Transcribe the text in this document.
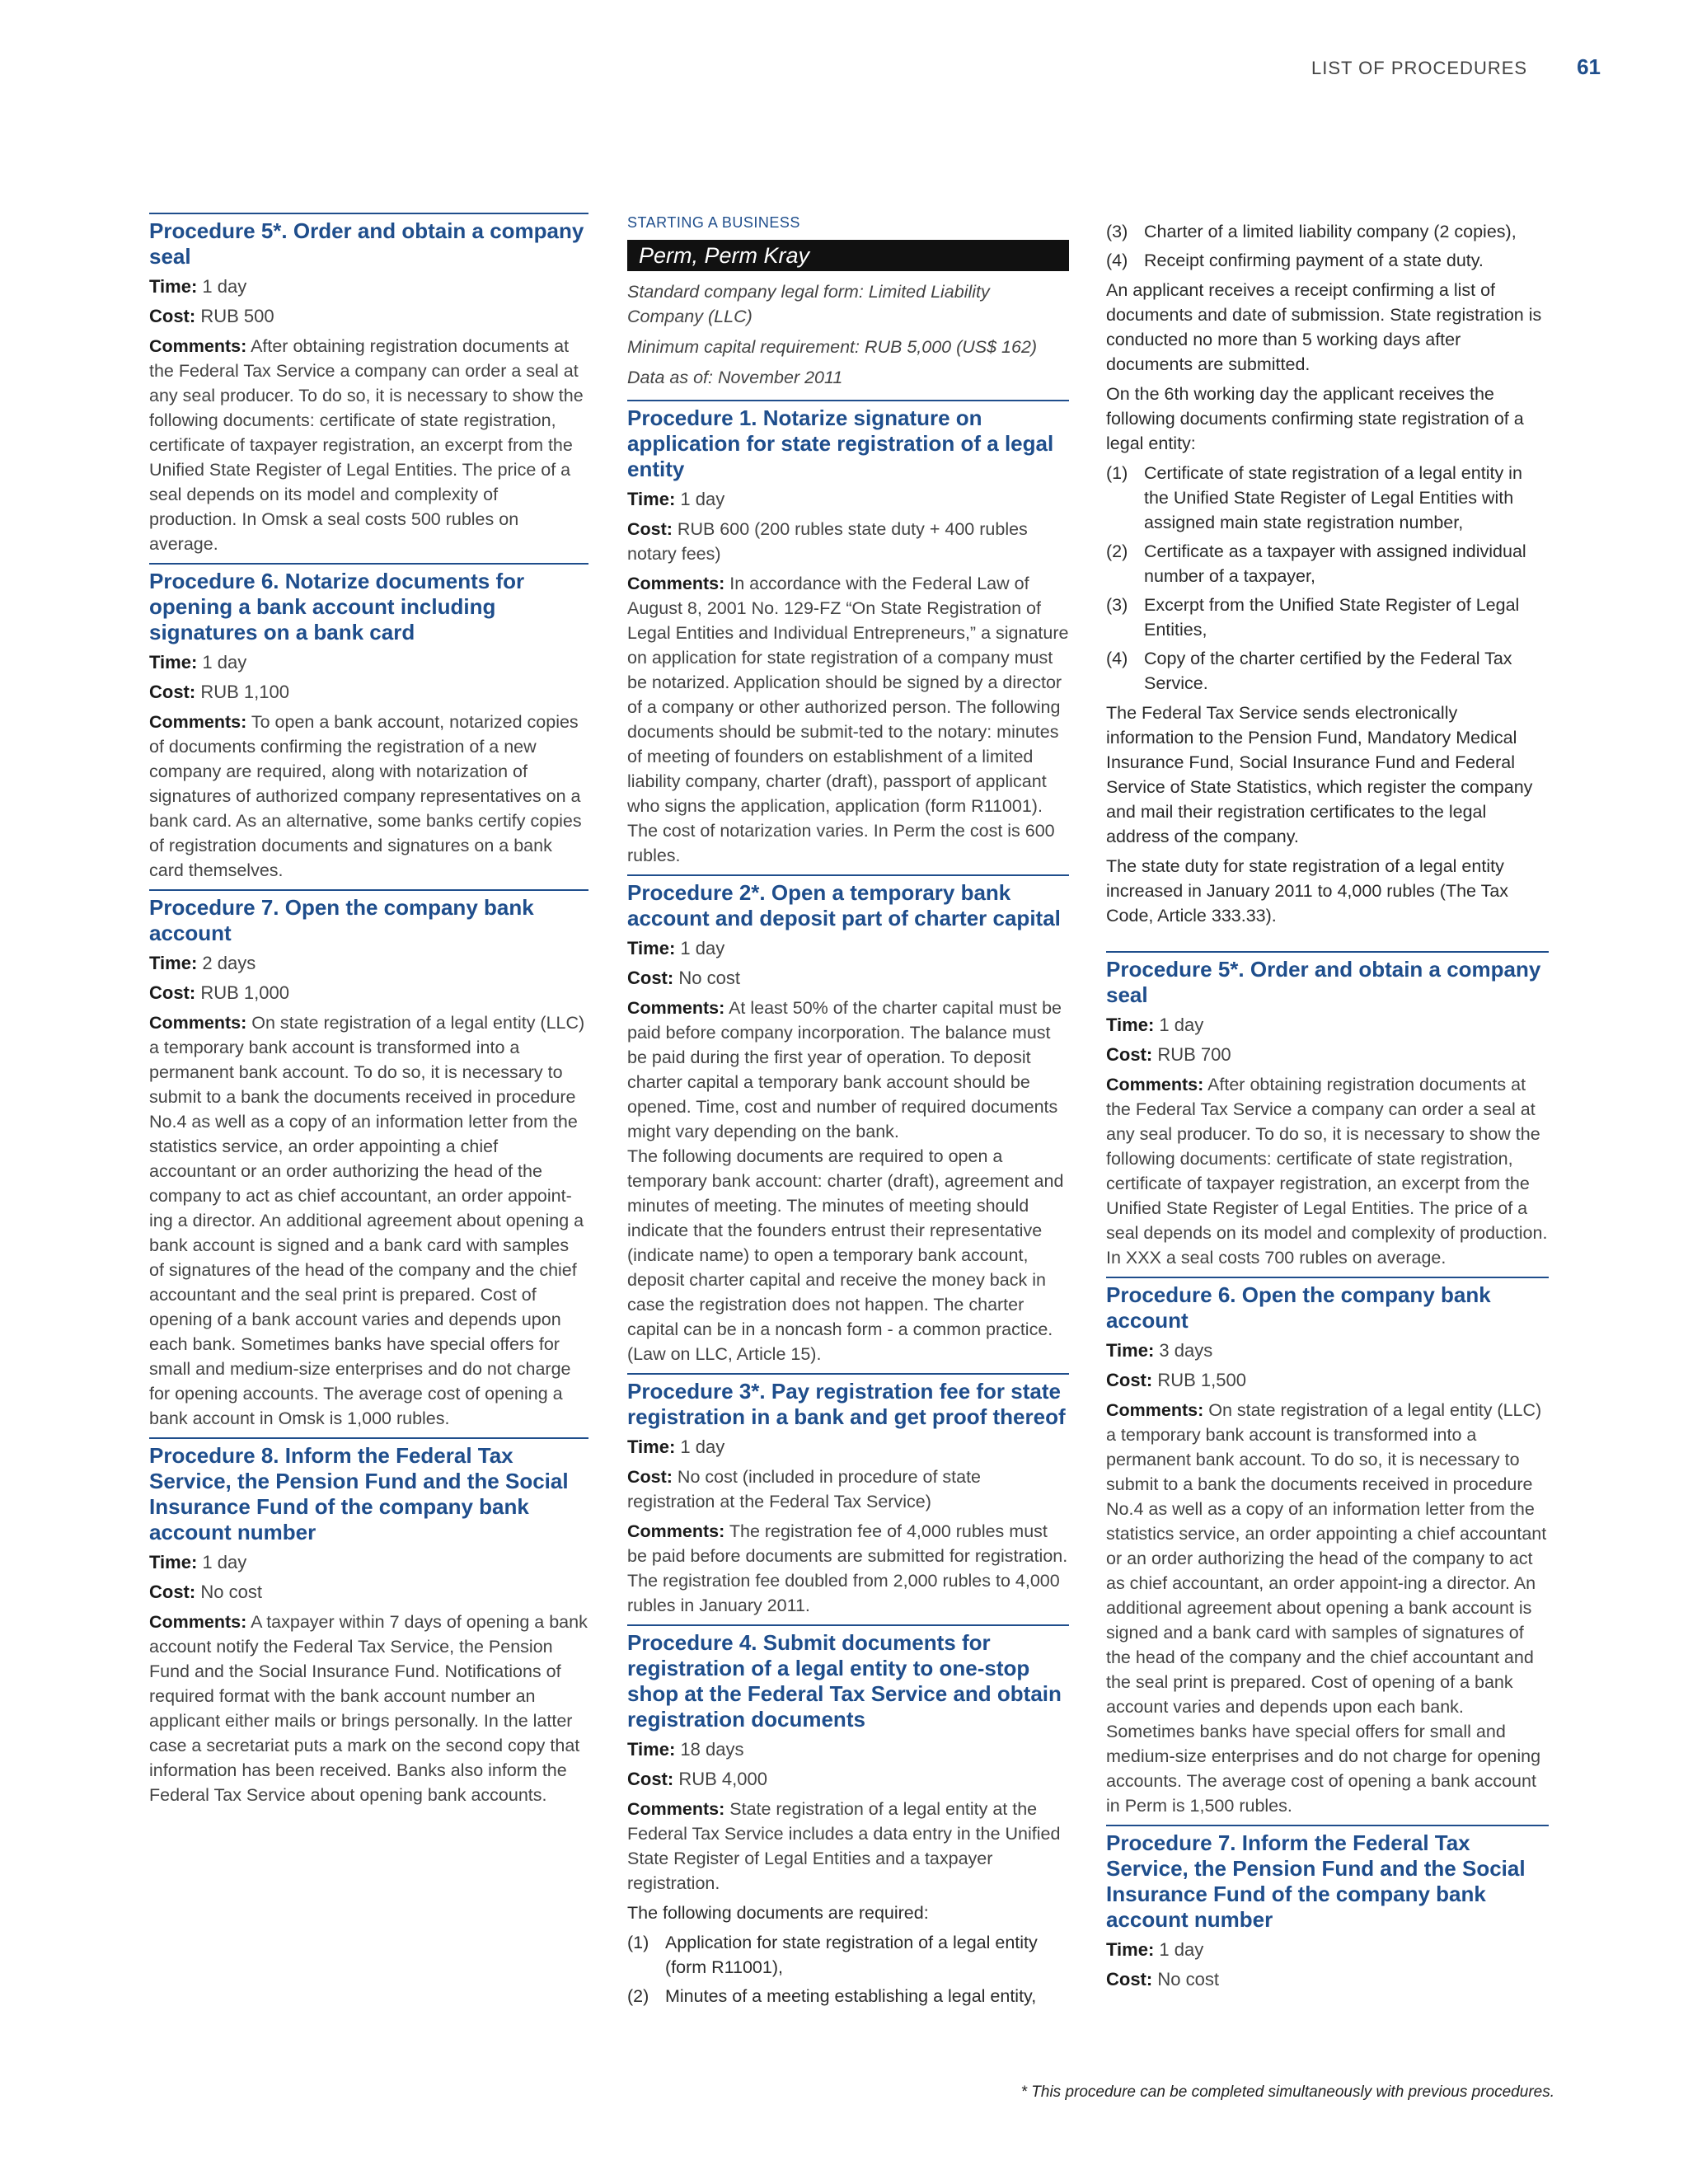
LIST OF PROCEDURES 61
Procedure 5*. Order and obtain a company seal
Time: 1 day
Cost: RUB 500
Comments: After obtaining registration documents at the Federal Tax Service a company can order a seal at any seal producer. To do so, it is necessary to show the following documents: certificate of state registration, certificate of taxpayer registration, an excerpt from the Unified State Register of Legal Entities. The price of a seal depends on its model and complexity of production. In Omsk a seal costs 500 rubles on average.
Procedure 6. Notarize documents for opening a bank account including signatures on a bank card
Time: 1 day
Cost: RUB 1,100
Comments: To open a bank account, notarized copies of documents confirming the registration of a new company are required, along with notarization of signatures of authorized company representatives on a bank card. As an alternative, some banks certify copies of registration documents and signatures on a bank card themselves.
Procedure 7. Open the company bank account
Time: 2 days
Cost: RUB 1,000
Comments: On state registration of a legal entity (LLC) a temporary bank account is transformed into a permanent bank account. To do so, it is necessary to submit to a bank the documents received in procedure No.4 as well as a copy of an information letter from the statistics service, an order appointing a chief accountant or an order authorizing the head of the company to act as chief accountant, an order appoint-ing a director. An additional agreement about opening a bank account is signed and a bank card with samples of signatures of the head of the company and the chief accountant and the seal print is prepared. Cost of opening of a bank account varies and depends upon each bank. Sometimes banks have special offers for small and medium-size enterprises and do not charge for opening accounts. The average cost of opening a bank account in Omsk is 1,000 rubles.
Procedure 8. Inform the Federal Tax Service, the Pension Fund and the Social Insurance Fund of the company bank account number
Time: 1 day
Cost: No cost
Comments: A taxpayer within 7 days of opening a bank account notify the Federal Tax Service, the Pension Fund and the Social Insurance Fund. Notifications of required format with the bank account number an applicant either mails or brings personally. In the latter case a secretariat puts a mark on the second copy that information has been received. Banks also inform the Federal Tax Service about opening bank accounts.
STARTING A BUSINESS
Perm, Perm Kray
Standard company legal form: Limited Liability Company (LLC)
Minimum capital requirement: RUB 5,000 (US$ 162)
Data as of: November 2011
Procedure 1. Notarize signature on application for state registration of a legal entity
Time: 1 day
Cost: RUB 600 (200 rubles state duty + 400 rubles notary fees)
Comments: In accordance with the Federal Law of August 8, 2001 No. 129-FZ “On State Registration of Legal Entities and Individual Entrepreneurs,” a signature on application for state registration of a company must be notarized. Application should be signed by a director of a company or other authorized person. The following documents should be submit-ted to the notary: minutes of meeting of founders on establishment of a limited liability company, charter (draft), passport of applicant who signs the application, application (form R11001). The cost of notarization varies. In Perm the cost is 600 rubles.
Procedure 2*. Open a temporary bank account and deposit part of charter capital
Time: 1 day
Cost: No cost
Comments: At least 50% of the charter capital must be paid before company incorporation. The balance must be paid during the first year of operation. To deposit charter capital a temporary bank account should be opened. Time, cost and number of required documents might vary depending on the bank.
The following documents are required to open a temporary bank account: charter (draft), agreement and minutes of meeting. The minutes of meeting should indicate that the founders entrust their representative (indicate name) to open a temporary bank account, deposit charter capital and receive the money back in case the registration does not happen. The charter capital can be in a noncash form - a common practice. (Law on LLC, Article 15).
Procedure 3*. Pay registration fee for state registration in a bank and get proof thereof
Time: 1 day
Cost: No cost (included in procedure of state registration at the Federal Tax Service)
Comments: The registration fee of 4,000 rubles must be paid before documents are submitted for registration. The registration fee doubled from 2,000 rubles to 4,000 rubles in January 2011.
Procedure 4. Submit documents for registration of a legal entity to one-stop shop at the Federal Tax Service and obtain registration documents
Time: 18 days
Cost: RUB 4,000
Comments: State registration of a legal entity at the Federal Tax Service includes a data entry in the Unified State Register of Legal Entities and a taxpayer registration.
The following documents are required:
(1) Application for state registration of a legal entity (form R11001),
(2) Minutes of a meeting establishing a legal entity,
(3) Charter of a limited liability company (2 copies),
(4) Receipt confirming payment of a state duty.
An applicant receives a receipt confirming a list of documents and date of submission. State registration is conducted no more than 5 working days after documents are submitted.
On the 6th working day the applicant receives the following documents confirming state registration of a legal entity:
(1) Certificate of state registration of a legal entity in the Unified State Register of Legal Entities with assigned main state registration number,
(2) Certificate as a taxpayer with assigned individual number of a taxpayer,
(3) Excerpt from the Unified State Register of Legal Entities,
(4) Copy of the charter certified by the Federal Tax Service.
The Federal Tax Service sends electronically information to the Pension Fund, Mandatory Medical Insurance Fund, Social Insurance Fund and Federal Service of State Statistics, which register the company and mail their registration certificates to the legal address of the company.
The state duty for state registration of a legal entity increased in January 2011 to 4,000 rubles (The Tax Code, Article 333.33).
Procedure 5*. Order and obtain a company seal
Time: 1 day
Cost: RUB 700
Comments: After obtaining registration documents at the Federal Tax Service a company can order a seal at any seal producer. To do so, it is necessary to show the following documents: certificate of state registration, certificate of taxpayer registration, an excerpt from the Unified State Register of Legal Entities. The price of a seal depends on its model and complexity of production. In XXX a seal costs 700 rubles on average.
Procedure 6. Open the company bank account
Time: 3 days
Cost: RUB 1,500
Comments: On state registration of a legal entity (LLC) a temporary bank account is transformed into a permanent bank account. To do so, it is necessary to submit to a bank the documents received in procedure No.4 as well as a copy of an information letter from the statistics service, an order appointing a chief accountant or an order authorizing the head of the company to act as chief accountant, an order appoint-ing a director. An additional agreement about opening a bank account is signed and a bank card with samples of signatures of the head of the company and the chief accountant and the seal print is prepared. Cost of opening of a bank account varies and depends upon each bank. Sometimes banks have special offers for small and medium-size enterprises and do not charge for opening accounts. The average cost of opening a bank account in Perm is 1,500 rubles.
Procedure 7. Inform the Federal Tax Service, the Pension Fund and the Social Insurance Fund of the company bank account number
Time: 1 day
Cost: No cost
* This procedure can be completed simultaneously with previous procedures.
